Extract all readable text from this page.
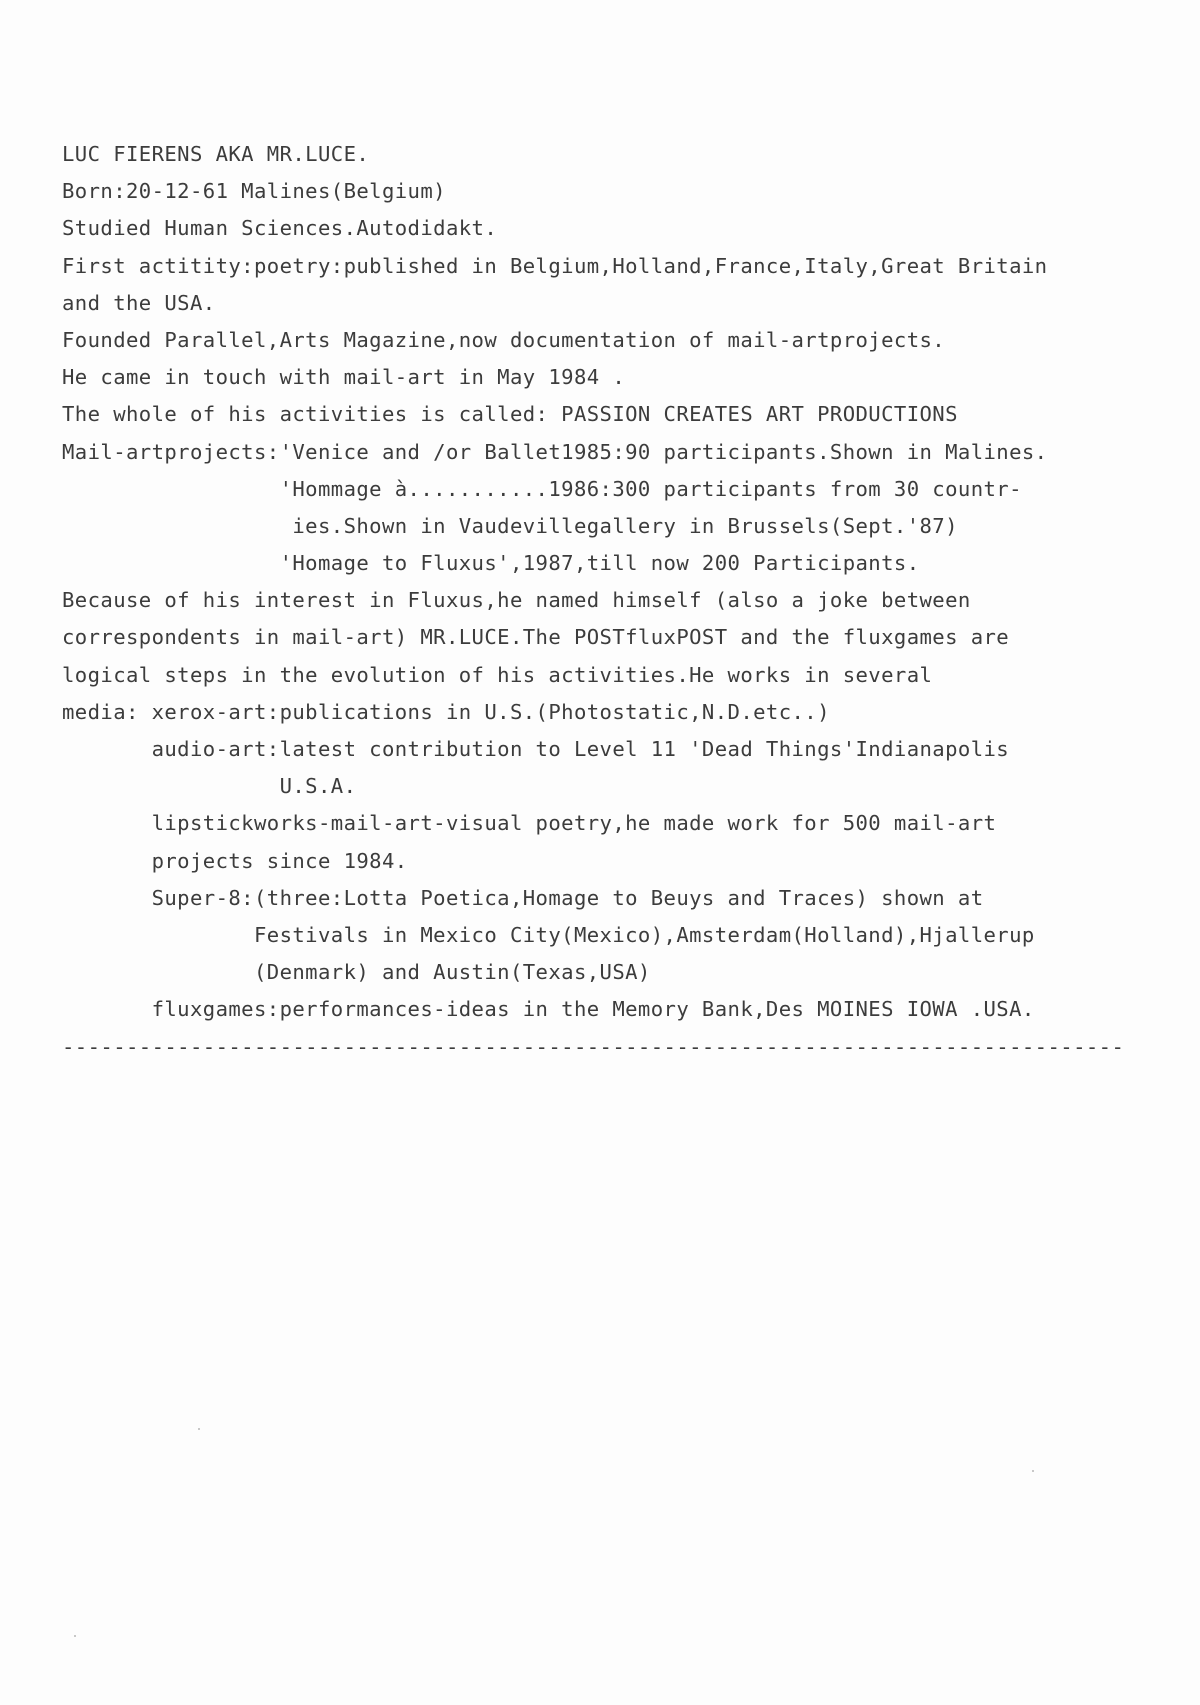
LUC FIERENS AKA MR.LUCE.
Born:20-12-61 Malines(Belgium)
Studied Human Sciences.Autodidakt.
First actitity:poetry:published in Belgium,Holland,France,Italy,Great Britain
and the USA.
Founded Parallel,Arts Magazine,now documentation of mail-artprojects.
He came in touch with mail-art in May 1984 .
The whole of his activities is called: PASSION CREATES ART PRODUCTIONS
Mail-artprojects:'Venice and /or Ballet1985:90 participants.Shown in Malines.
'Hommage à...........1986:300 participants from 30 countr-
ies.Shown in Vaudevillegallery in Brussels(Sept.'87)
'Homage to Fluxus',1987,till now 200 Participants.
Because of his interest in Fluxus,he named himself (also a joke between
correspondents in mail-art) MR.LUCE.The POSTfluxPOST and the fluxgames are
logical steps in the evolution of his activities.He works in several
media: xerox-art:publications in U.S.(Photostatic,N.D.etc..)
audio-art:latest contribution to Level 11 'Dead Things'Indianapolis
U.S.A.
lipstickworks-mail-art-visual poetry,he made work for 500 mail-art
projects since 1984.
Super-8:(three:Lotta Poetica,Homage to Beuys and Traces) shown at
Festivals in Mexico City(Mexico),Amsterdam(Holland),Hjallerup
(Denmark) and Austin(Texas,USA)
fluxgames:performances-ideas in the Memory Bank,Des MOINES IOWA .USA.
-----------------------------------------------------------------------------------
